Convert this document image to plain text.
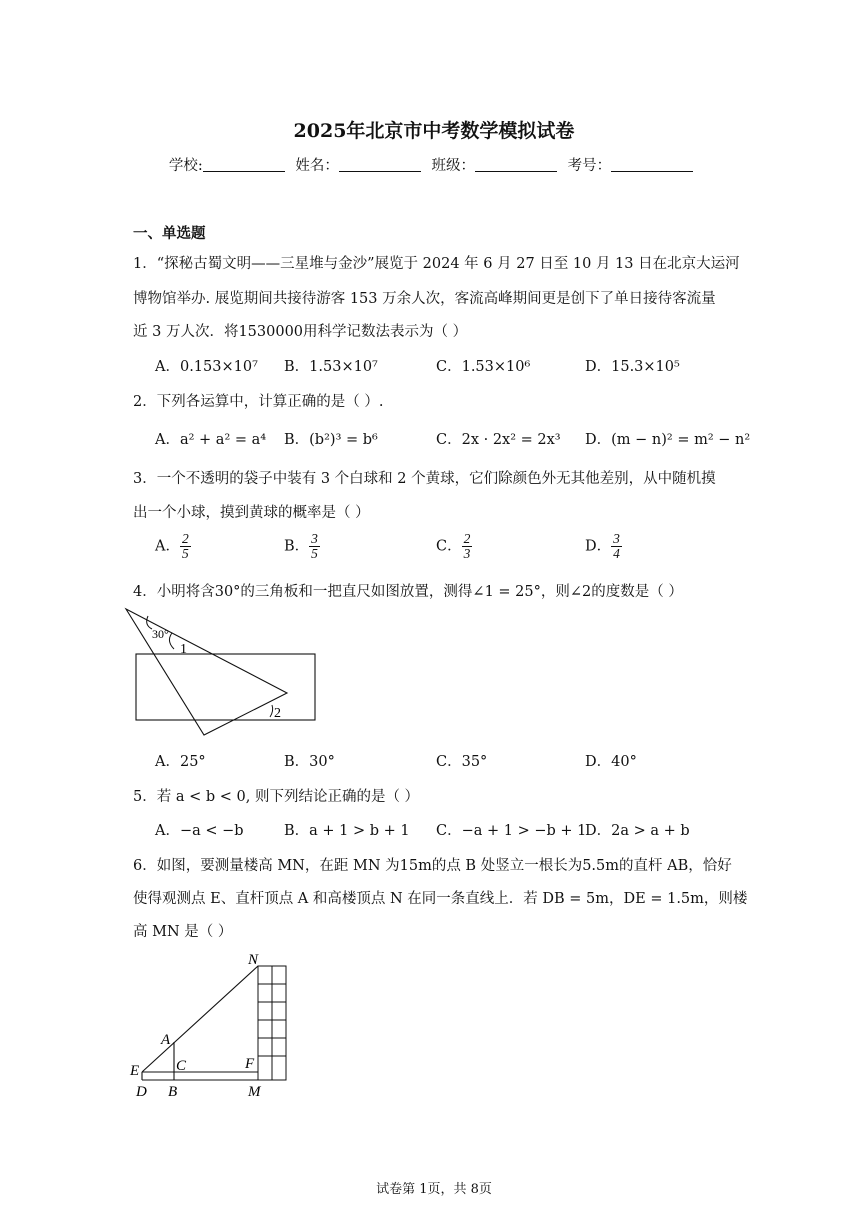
2025年北京市中考数学模拟试卷
学校:	姓名：	班级：	考号：
一、单选题
1．“探秘古蜀文明——三星堆与金沙”展览于 2024 年 6 月 27 日至 10 月 13 日在北京大运河
博物馆举办. 展览期间共接待游客 153 万余人次，客流高峰期间更是创下了单日接待客流量
近 3 万人次．将1530000用科学记数法表示为（ ）
A．0.153×10⁷ B．1.53×10⁷	C．1.53×10⁶	D．15.3×10⁵
2．下列各运算中，计算正确的是（ ）.
A．a² + a² = a⁴ B．(b²)³ = b⁶	C．2x · 2x² = 2x³ D．(m − n)² = m² − n²
3．一个不透明的袋子中装有 3 个白球和 2 个黄球，它们除颜色外无其他差别，从中随机摸
出一个小球，摸到黄球的概率是（ ）
A． $\frac{2}{5}$	B． $\frac{3}{5}$	C． $\frac{2}{3}$	D． $\frac{3}{4}$
4．小明将含30°的三角板和一把直尺如图放置，测得∠1 = 25°，则∠2的度数是（ ）
30°
1
2
A．25°	B．30°	C．35°	D．40°
5．若 a < b < 0, 则下列结论正确的是（ ）
A．−a < −b	B．a + 1 > b + 1 C．−a + 1 > −b + 1
D．2a > a + b
6．如图，要测量楼高 MN，在距 MN 为15m的点 B 处竖立一根长为5.5m的直杆 AB，恰好
使得观测点 E、直杆顶点 A 和高楼顶点 N 在同一条直线上．若 DB = 5m，DE = 1.5m，则楼
高 MN 是（ ）
N
A
E C	F
D B	M
试卷第 1页，共 8页
